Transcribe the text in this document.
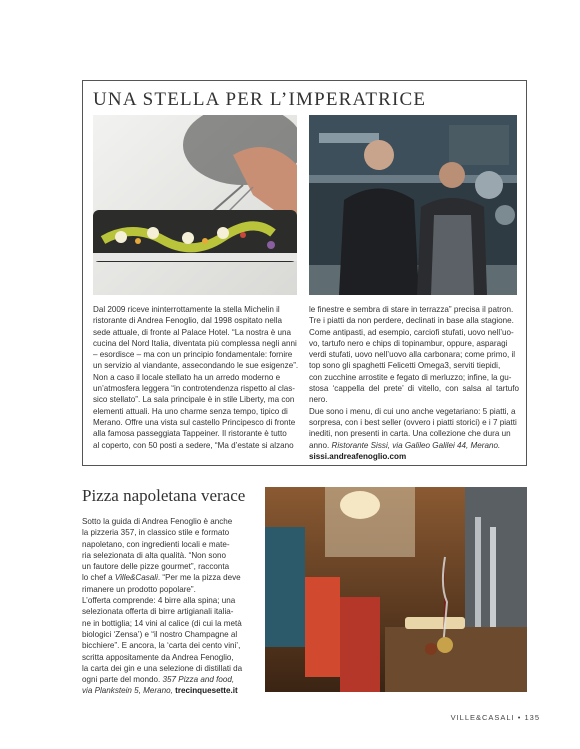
UNA STELLA PER L’IMPERATRICE

Dal 2009 riceve ininterrottamente la stella Michelin il
ristorante di Andrea Fenoglio, dal 1998 ospitato nella
sede attuale, di fronte al Palace Hotel. “La nostra è una
cucina del Nord Italia, diventata più complessa negli anni
– esordisce – ma con un principio fondamentale: fornire
un servizio al viandante, assecondando le sue esigenze”.
Non a caso il locale stellato ha un arredo moderno e
un’atmosfera leggera “in controtendenza rispetto al clas-
sico stellato”. La sala principale è in stile Liberty, ma con
elementi attuali. Ha uno charme senza tempo, tipico di
Merano. Offre una vista sul castello Principesco di fronte
alla famosa passeggiata Tappeiner. Il ristorante è tutto
al coperto, con 50 posti a sedere, “Ma d’estate si alzano

le finestre e sembra di stare in terrazza” precisa il patron.
Tre i piatti da non perdere, declinati in base alla stagione.
Come antipasti, ad esempio, carciofi stufati, uovo nell’uo-
vo, tartufo nero e chips di topinambur, oppure, asparagi
verdi stufati, uovo nell’uovo alla carbonara; come primo, il
top sono gli spaghetti Felicetti Omega3, serviti tiepidi,
con zucchine arrostite e fegato di merluzzo; infine, la gu-
stosa ‘cappella del prete’ di vitello, con salsa al tartufo nero.
Due sono i menu, di cui uno anche vegetariano: 5 piatti, a
sorpresa, con i best seller (ovvero i piatti storici) e i 7 piatti
inediti, non presenti in carta. Una collezione che dura un
anno. Ristorante Sissi, via Galileo Galilei 44, Merano.
sissi.andreafenoglio.com

Pizza napoletana verace

Sotto la guida di Andrea Fenoglio è anche
la pizzeria 357, in classico stile e formato
napoletano, con ingredienti locali e mate-
ria selezionata di alta qualità. “Non sono
un fautore delle pizze gourmet”, racconta
lo chef a Ville&Casali. “Per me la pizza deve
rimanere un prodotto popolare”.
L’offerta comprende: 4 birre alla spina; una
selezionata offerta di birre artigianali italia-
ne in bottiglia; 14 vini al calice (di cui la metà
biologici ‘Zensa’) e “il nostro Champagne al
bicchiere”. E ancora, la ‘carta dei cento vini’,
scritta appositamente da Andrea Fenoglio,
la carta dei gin e una selezione di distillati da
ogni parte del mondo. 357 Pizza and food,
via Plankstein 5, Merano, trecinquesette.it

VILLE&CASALI • 135
